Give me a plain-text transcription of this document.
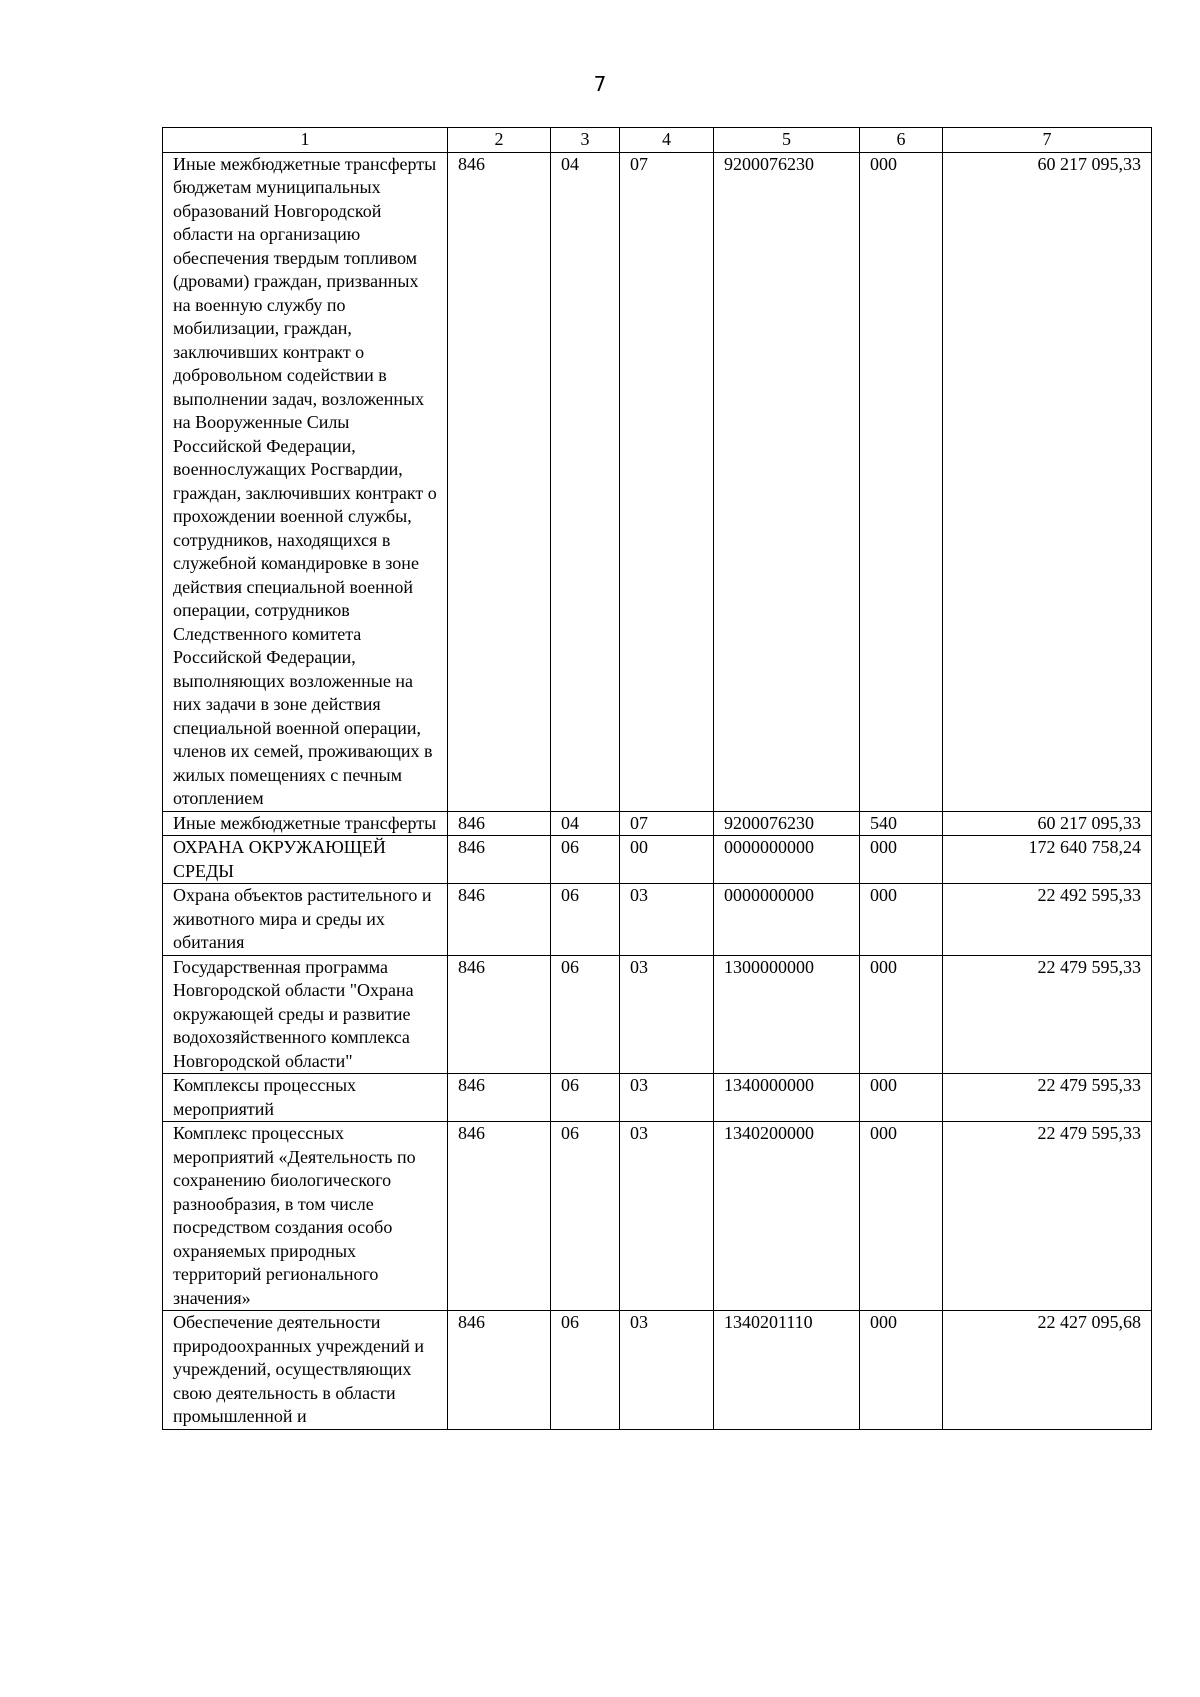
7
1	2	3	4	5	6	7
Иные межбюджетные трансферты бюджетам муниципальных образований Новгородской области на организацию обеспечения твердым топливом (дровами) граждан, призванных на военную службу по мобилизации, граждан, заключивших контракт о добровольном содействии в выполнении задач, возложенных на Вооруженные Силы Российской Федерации, военнослужащих Росгвардии, граждан, заключивших контракт о прохождении военной службы, сотрудников, находящихся в служебной командировке в зоне действия специальной военной операции, сотрудников Следственного комитета Российской Федерации, выполняющих возложенные на них задачи в зоне действия специальной военной операции, членов их семей, проживающих в жилых помещениях с печным отоплением	846	04	07	9200076230	000	60 217 095,33
Иные межбюджетные трансферты	846	04	07	9200076230	540	60 217 095,33
ОХРАНА ОКРУЖАЮЩЕЙ СРЕДЫ	846	06	00	0000000000	000	172 640 758,24
Охрана объектов растительного и животного мира и среды их обитания	846	06	03	0000000000	000	22 492 595,33
Государственная программа Новгородской области "Охрана окружающей среды и развитие водохозяйственного комплекса Новгородской области"	846	06	03	1300000000	000	22 479 595,33
Комплексы процессных мероприятий	846	06	03	1340000000	000	22 479 595,33
Комплекс процессных мероприятий «Деятельность по сохранению биологического разнообразия, в том числе посредством создания особо охраняемых природных территорий регионального значения»	846	06	03	1340200000	000	22 479 595,33
Обеспечение деятельности природоохранных учреждений и учреждений, осуществляющих свою деятельность в области промышленной и	846	06	03	1340201110	000	22 427 095,68
